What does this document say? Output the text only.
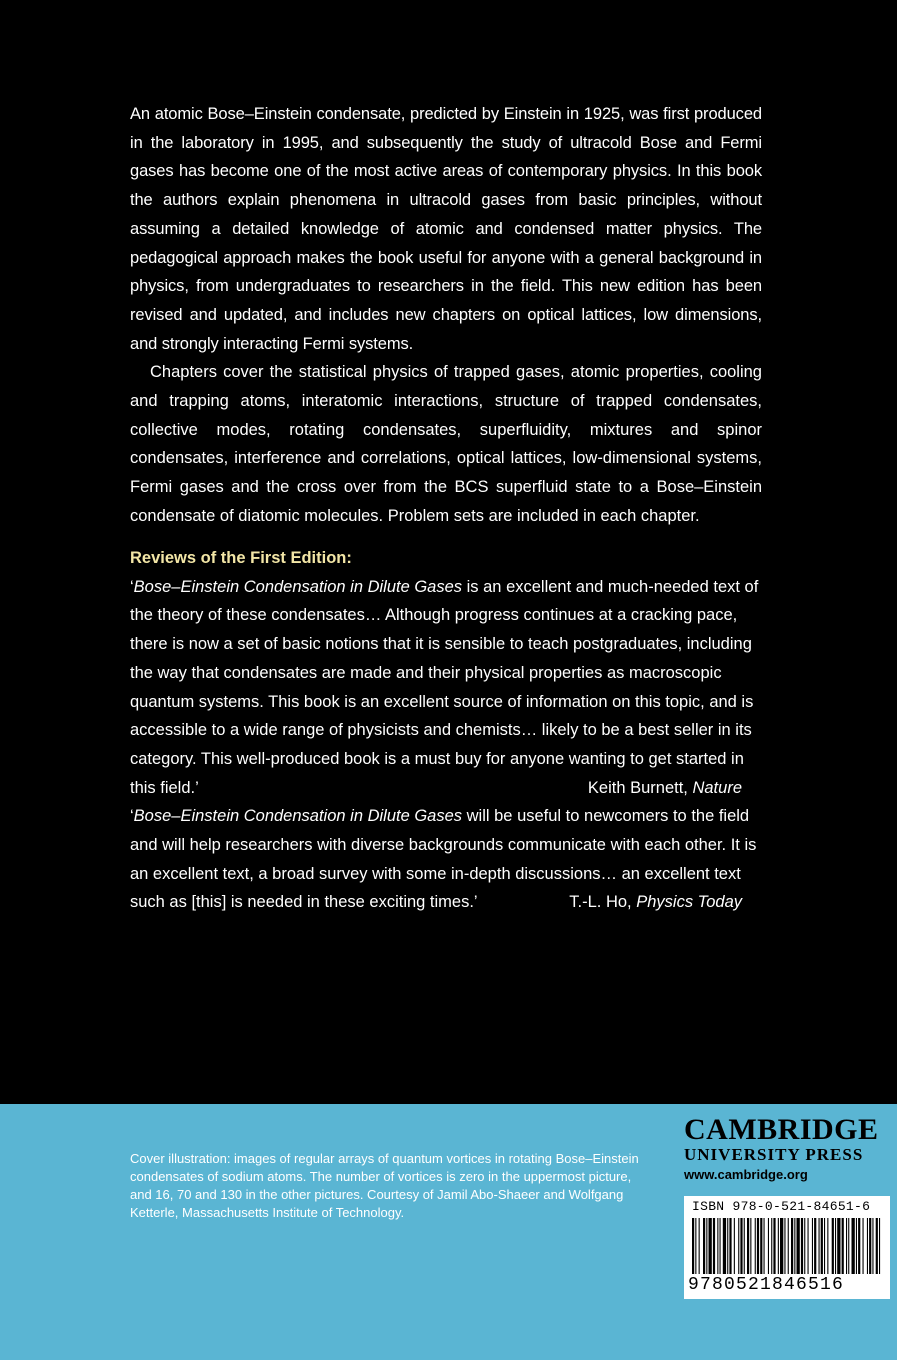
An atomic Bose–Einstein condensate, predicted by Einstein in 1925, was first produced in the laboratory in 1995, and subsequently the study of ultracold Bose and Fermi gases has become one of the most active areas of contemporary physics. In this book the authors explain phenomena in ultracold gases from basic principles, without assuming a detailed knowledge of atomic and condensed matter physics. The pedagogical approach makes the book useful for anyone with a general background in physics, from undergraduates to researchers in the field. This new edition has been revised and updated, and includes new chapters on optical lattices, low dimensions, and strongly interacting Fermi systems.

Chapters cover the statistical physics of trapped gases, atomic properties, cooling and trapping atoms, interatomic interactions, structure of trapped condensates, collective modes, rotating condensates, superfluidity, mixtures and spinor condensates, interference and correlations, optical lattices, low-dimensional systems, Fermi gases and the cross over from the BCS superfluid state to a Bose–Einstein condensate of diatomic molecules. Problem sets are included in each chapter.

Reviews of the First Edition:

‘Bose–Einstein Condensation in Dilute Gases is an excellent and much-needed text of the theory of these condensates… Although progress continues at a cracking pace, there is now a set of basic notions that it is sensible to teach postgraduates, including the way that condensates are made and their physical properties as macroscopic quantum systems. This book is an excellent source of information on this topic, and is accessible to a wide range of physicists and chemists… likely to be a best seller in its category. This well-produced book is a must buy for anyone wanting to get started in this field.’	Keith Burnett, Nature

‘Bose–Einstein Condensation in Dilute Gases will be useful to newcomers to the field and will help researchers with diverse backgrounds communicate with each other. It is an excellent text, a broad survey with some in-depth discussions… an excellent text such as [this] is needed in these exciting times.’	T.-L. Ho, Physics Today

Cover illustration: images of regular arrays of quantum vortices in rotating Bose–Einstein condensates of sodium atoms. The number of vortices is zero in the uppermost picture, and 16, 70 and 130 in the other pictures. Courtesy of Jamil Abo-Shaeer and Wolfgang Ketterle, Massachusetts Institute of Technology.
CAMBRIDGE
UNIVERSITY PRESS
www.cambridge.org
ISBN 978-0-521-84651-6
9780521846516
